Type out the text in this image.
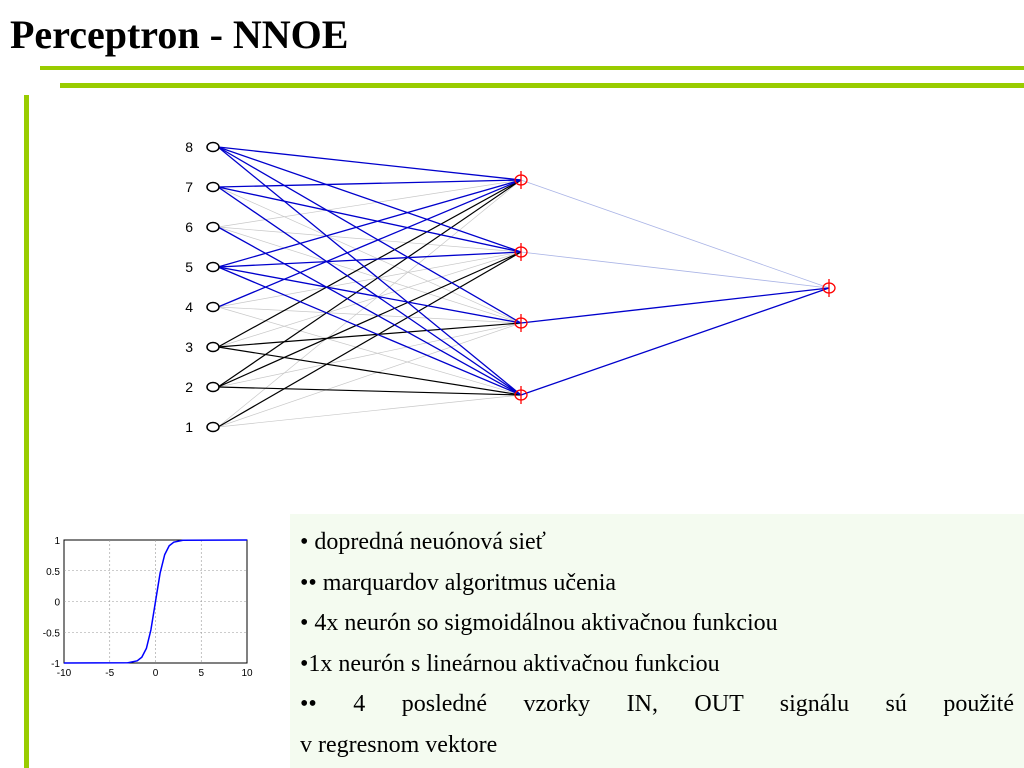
Perceptron - NNOE
8
7
6
5
4
3
2
1
-10	-5	0	5	10
1
0.5
0
-0.5
-1
• dopredná neuónová sieť
•• marquardov algoritmus učenia
• 4x neurón so sigmoidálnou aktivačnou funkciou
•1x neurón s lineárnou aktivačnou funkciou
•• 4 posledné vzorky IN, OUT signálu sú použité
v regresnom vektore
